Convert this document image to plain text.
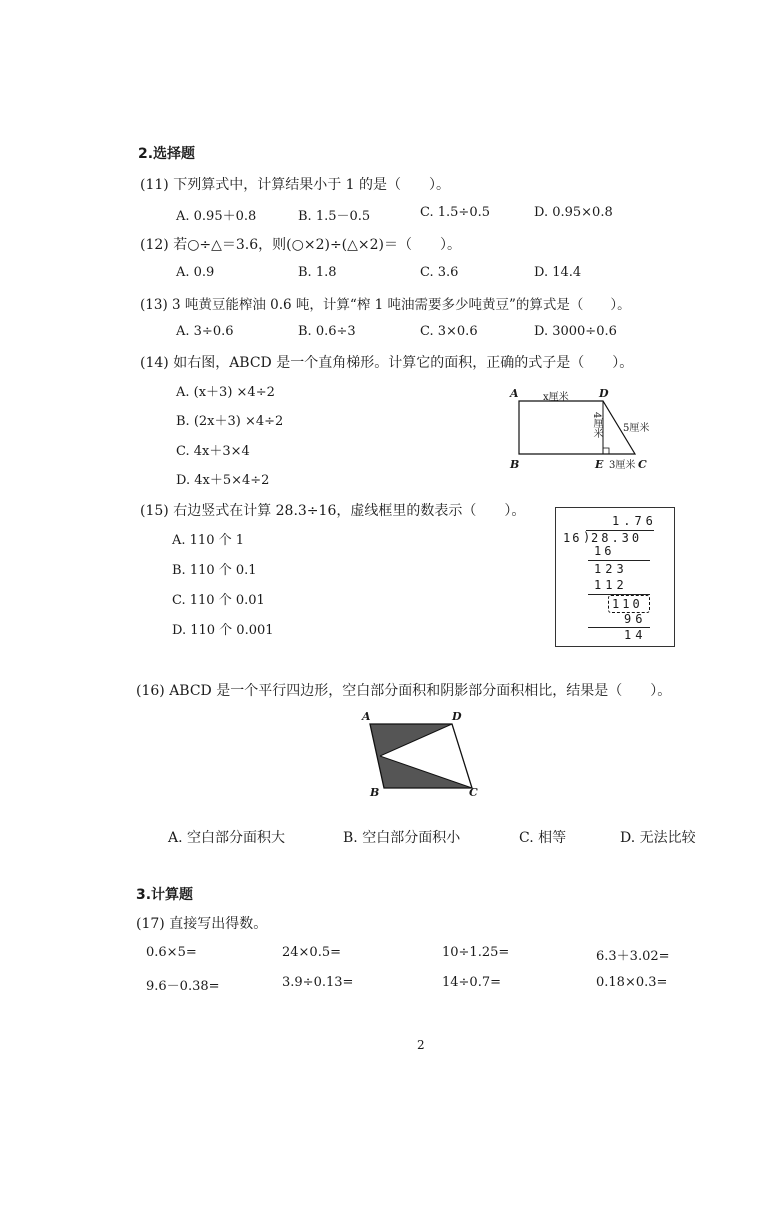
2.选择题
(11) 下列算式中，计算结果小于 1 的是（　　）。
A. 0.95＋0.8	B. 1.5－0.5	C. 1.5÷0.5	D. 0.95×0.8
(12) 若○÷△＝3.6，则(○×2)÷(△×2)＝（　　）。
A. 0.9	B. 1.8	C. 3.6	D. 14.4
(13) 3 吨黄豆能榨油 0.6 吨，计算“榨 1 吨油需要多少吨黄豆”的算式是（　　）。
A. 3÷0.6	B. 0.6÷3	C. 3×0.6	D. 3000÷0.6
(14) 如右图，ABCD 是一个直角梯形。计算它的面积，正确的式子是（　　）。
A. (x＋3) ×4÷2
B. (2x＋3) ×4÷2
C. 4x＋3×4
D. 4x＋5×4÷2
A	D
B	E	C
x厘米
4厘米 5厘米
3厘米
(15) 右边竖式在计算 28.3÷16，虚线框里的数表示（　　）。
A. 110 个 1
B. 110 个 0.1
C. 110 个 0.01
D. 110 个 0.001
1.76
16 ) 28.30
16
123
112
110
96
14
(16) ABCD 是一个平行四边形，空白部分面积和阴影部分面积相比，结果是（　　）。
A	D
B	C
A. 空白部分面积大	B. 空白部分面积小	C. 相等	D. 无法比较
3.计算题
(17) 直接写出得数。
0.6×5=	24×0.5=	10÷1.25=	6.3＋3.02=
9.6－0.38=	3.9÷0.13=	14÷0.7=	0.18×0.3=
2
